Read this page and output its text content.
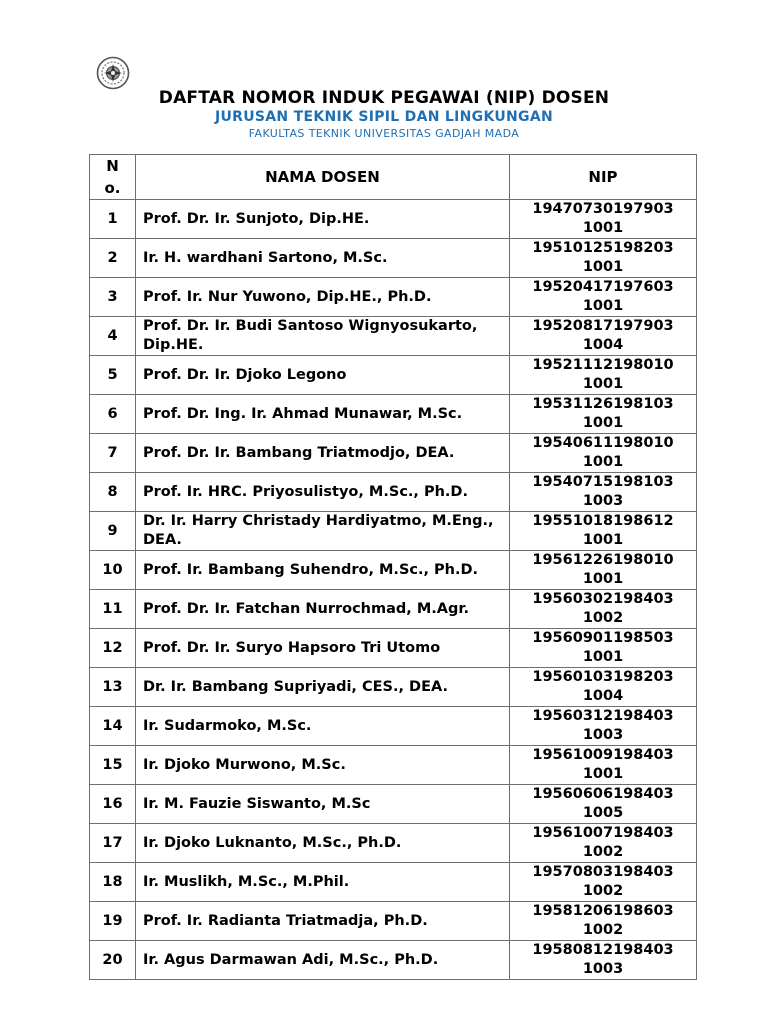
DAFTAR NOMOR INDUK PEGAWAI (NIP) DOSEN
JURUSAN TEKNIK SIPIL DAN LINGKUNGAN
FAKULTAS TEKNIK UNIVERSITAS GADJAH MADA
N o.	NAMA DOSEN	NIP
1	Prof. Dr. Ir. Sunjoto, Dip.HE.	19470730197903
1001

2	Ir. H. wardhani Sartono, M.Sc.	19510125198203
1001

3	Prof. Ir. Nur Yuwono, Dip.HE., Ph.D.	19520417197603
1001

4	Prof. Dr. Ir. Budi Santoso Wignyosukarto, Dip.HE.	19520817197903
1004

5	Prof. Dr. Ir. Djoko Legono	19521112198010
1001

6	Prof. Dr. Ing. Ir. Ahmad Munawar, M.Sc.	19531126198103
1001

7	Prof. Dr. Ir. Bambang Triatmodjo, DEA.	19540611198010
1001

8	Prof. Ir. HRC. Priyosulistyo, M.Sc., Ph.D.	19540715198103
1003

9	Dr. Ir. Harry Christady Hardiyatmo, M.Eng., DEA.	19551018198612
1001

10	Prof. Ir. Bambang Suhendro, M.Sc., Ph.D.	19561226198010
1001

11	Prof. Dr. Ir. Fatchan Nurrochmad, M.Agr.	19560302198403
1002

12	Prof. Dr. Ir. Suryo Hapsoro Tri Utomo	19560901198503
1001

13	Dr. Ir. Bambang Supriyadi, CES., DEA.	19560103198203
1004

14	Ir. Sudarmoko, M.Sc.	19560312198403
1003

15	Ir. Djoko Murwono, M.Sc.	19561009198403
1001

16	Ir. M. Fauzie Siswanto, M.Sc	19560606198403
1005

17	Ir. Djoko Luknanto, M.Sc., Ph.D.	19561007198403
1002

18	Ir. Muslikh, M.Sc., M.Phil.	19570803198403
1002

19	Prof. Ir. Radianta Triatmadja, Ph.D.	19581206198603
1002

20	Ir. Agus Darmawan Adi, M.Sc., Ph.D.	19580812198403
1003
